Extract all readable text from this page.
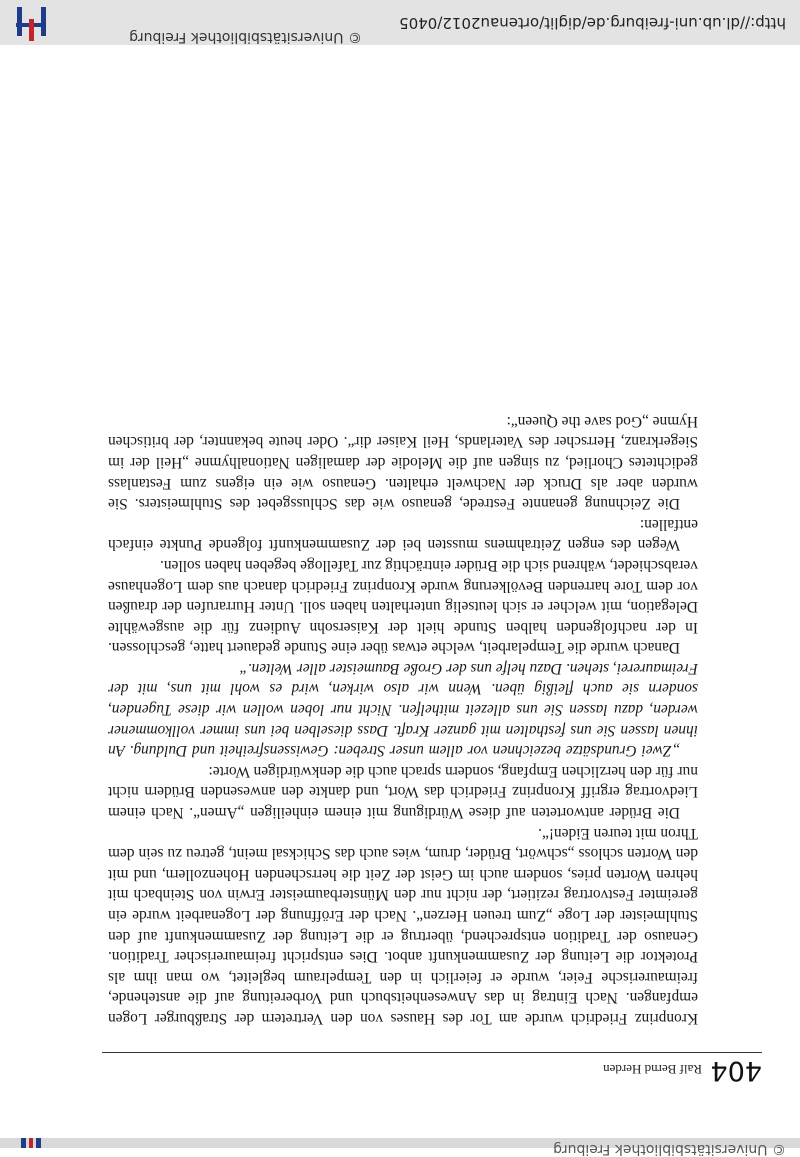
© Universitätsbibliothek Freiburg
404
Ralf Bernd Herden

Kronprinz Friedrich wurde am Tor des Hauses von den Vertretern der Straßburger Logen empfangen. Nach Eintrag in das Anwesenheitsbuch und Vorbereitung auf die anstehende, freimaurerische Feier, wurde er feierlich in den Tempelraum begleitet, wo man ihm als Protektor die Leitung der Zusammenkunft anbot. Dies entspricht freimaurerischer Tradition. Genauso der Tradition entsprechend, übertrug er die Leitung der Zusammenkunft auf den Stuhlmeister der Loge „Zum treuen Herzen“. Nach der Eröffnung der Logenarbeit wurde ein gereimter Festvortrag rezitiert, der nicht nur den Münsterbaumeister Erwin von Steinbach mit hehren Worten pries, sondern auch im Geist der Zeit die herrschenden Hohenzollern, und mit den Worten schloss „schwört, Brüder, drum, wies auch das Schicksal meint, getreu zu sein dem Thron mit teuren Eiden!“.

Die Brüder antworteten auf diese Würdigung mit einem einheiligen „Amen“. Nach einem Liedvortrag ergriff Kronprinz Friedrich das Wort, und dankte den anwesenden Brüdern nicht nur für den herzlichen Empfang, sondern sprach auch die denkwürdigen Worte:

„Zwei Grundsätze bezeichnen vor allem unser Streben: Gewissensfreiheit und Duldung. An ihnen lassen Sie uns festhalten mit ganzer Kraft. Dass dieselben bei uns immer vollkommener werden, dazu lassen Sie uns allezeit mithelfen. Nicht nur loben wollen wir diese Tugenden, sondern sie auch fleißig üben. Wenn wir also wirken, wird es wohl mit uns, mit der Freimaurerei, stehen. Dazu helfe uns der Große Baumeister aller Welten.“

Danach wurde die Tempelarbeit, welche etwas über eine Stunde gedauert hatte, geschlossen. In der nachfolgenden halben Stunde hielt der Kaisersohn Audienz für die ausgewählte Delegation, mit welcher er sich leutselig unterhalten haben soll. Unter Hurrarufen der draußen vor dem Tore harrenden Bevölkerung wurde Kronprinz Friedrich danach aus dem Logenhause verabschiedet, während sich die Brüder einträchtig zur Tafelloge begeben haben sollen.

Wegen des engen Zeitrahmens mussten bei der Zusammenkunft folgende Punkte einfach entfallen:

Die Zeichnung genannte Festrede, genauso wie das Schlussgebet des Stuhlmeisters. Sie wurden aber als Druck der Nachwelt erhalten. Genauso wie ein eigens zum Festanlass gedichtetes Chorlied, zu singen auf die Melodie der damaligen Nationalhymne „Heil der im Siegerkranz, Herrscher des Vaterlands, Heil Kaiser dir“. Oder heute bekannter, der britischen Hymne „God save the Queen“:

http://dl.ub.uni-freiburg.de/diglit/ortenau2012/0405
© Universitätsbibliothek Freiburg
